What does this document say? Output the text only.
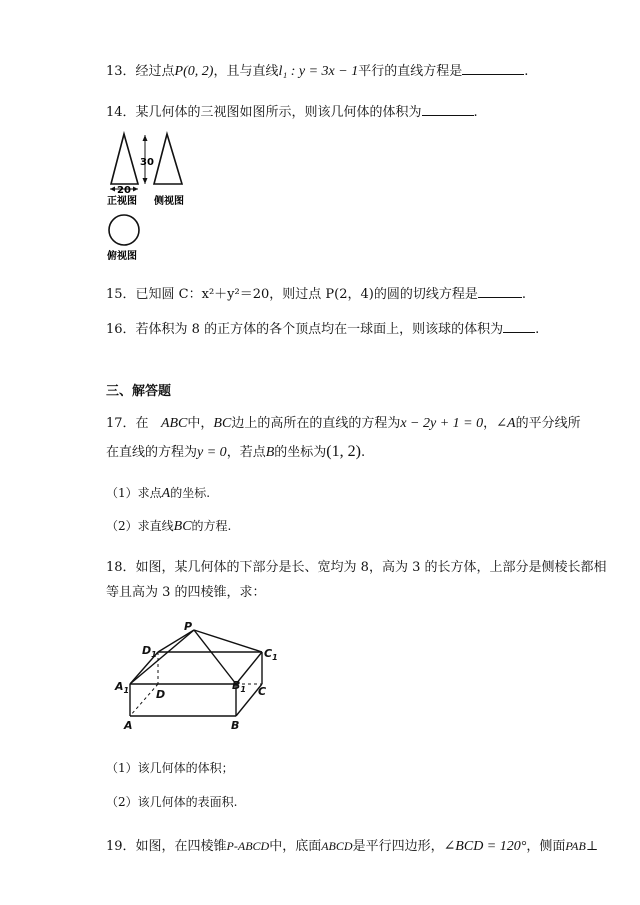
13．经过点P(0, 2)，且与直线l₁ : y = 3x − 1平行的直线方程是	.
14．某几何体的三视图如图所示，则该几何体的体积为	.
30
20
正视图 侧视图
俯视图
15．已知圆 C：x²＋y²＝20，则过点 P(2，4)的圆的切线方程是	.
16．若体积为 8 的正方体的各个顶点均在一球面上，则该球的体积为 .
三、解答题
17．在 ABC中，BC边上的高所在的直线的方程为x − 2y + 1 = 0，∠A的平分线所
在直线的方程为y = 0，若点B的坐标为(1, 2).
（1）求点A的坐标.
（2）求直线BC的方程.
18．如图，某几何体的下部分是长、宽均为 8，高为 3 的长方体，上部分是侧棱长都相
等且高为 3 的四棱锥，求：
P
$D_1$	$C_1$
$A_1$	$B_1$
D	C
A	B
（1）该几何体的体积；
（2）该几何体的表面积.
19．如图，在四棱锥P-ABCD中，底面ABCD是平行四边形，∠BCD = 120°，侧面PAB⊥
